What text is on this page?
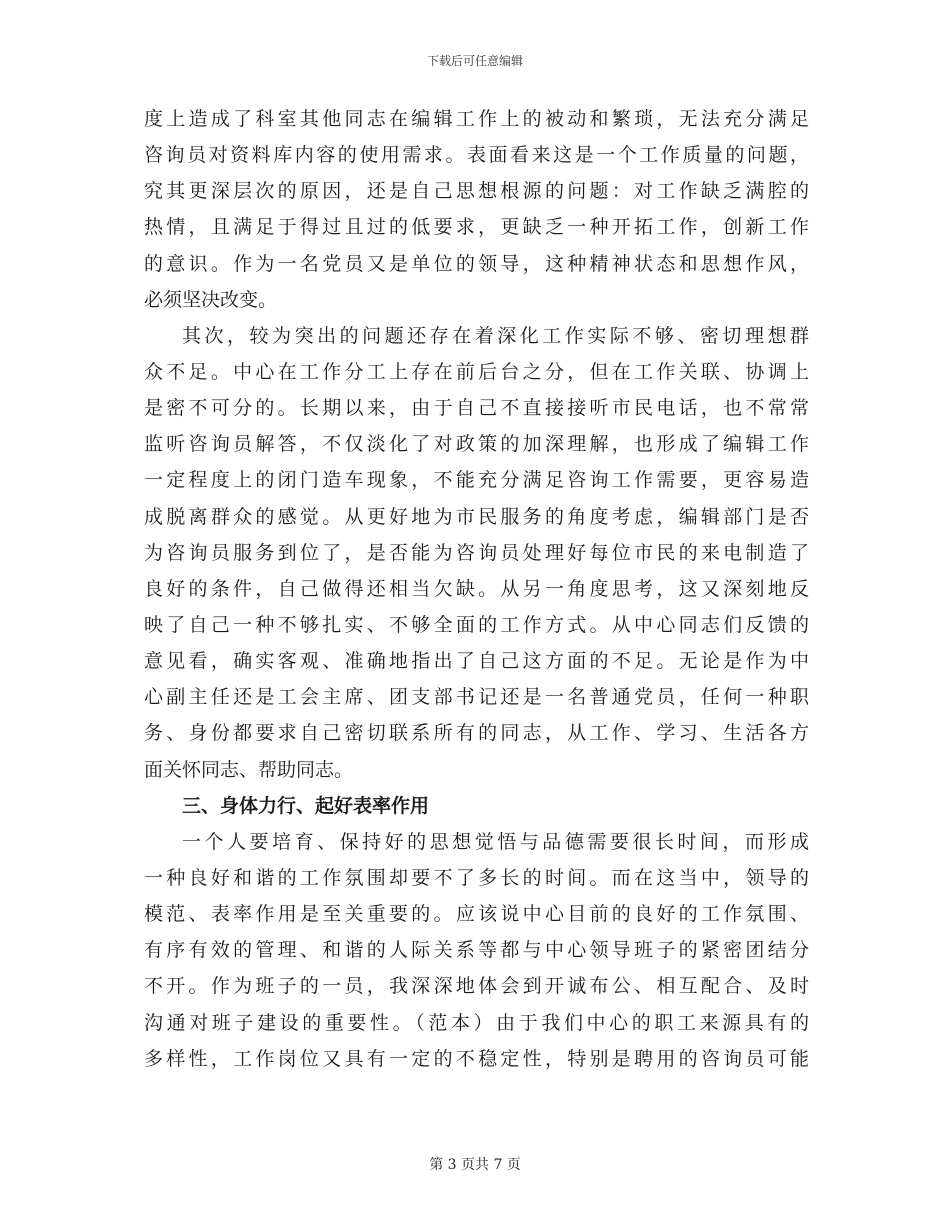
下载后可任意编辑
度上造成了科室其他同志在编辑工作上的被动和繁琐，无法充分满足
咨询员对资料库内容的使用需求。表面看来这是一个工作质量的问题，
究其更深层次的原因，还是自己思想根源的问题：对工作缺乏满腔的
热情，且满足于得过且过的低要求，更缺乏一种开拓工作，创新工作
的意识。作为一名党员又是单位的领导，这种精神状态和思想作风，
必须坚决改变。
其次，较为突出的问题还存在着深化工作实际不够、密切理想群
众不足。中心在工作分工上存在前后台之分，但在工作关联、协调上
是密不可分的。长期以来，由于自己不直接接听市民电话，也不常常
监听咨询员解答，不仅淡化了对政策的加深理解，也形成了编辑工作
一定程度上的闭门造车现象，不能充分满足咨询工作需要，更容易造
成脱离群众的感觉。从更好地为市民服务的角度考虑，编辑部门是否
为咨询员服务到位了，是否能为咨询员处理好每位市民的来电制造了
良好的条件，自己做得还相当欠缺。从另一角度思考，这又深刻地反
映了自己一种不够扎实、不够全面的工作方式。从中心同志们反馈的
意见看，确实客观、准确地指出了自己这方面的不足。无论是作为中
心副主任还是工会主席、团支部书记还是一名普通党员，任何一种职
务、身份都要求自己密切联系所有的同志，从工作、学习、生活各方
面关怀同志、帮助同志。
三、身体力行、起好表率作用
一个人要培育、保持好的思想觉悟与品德需要很长时间，而形成
一种良好和谐的工作氛围却要不了多长的时间。而在这当中，领导的
模范、表率作用是至关重要的。应该说中心目前的良好的工作氛围、
有序有效的管理、和谐的人际关系等都与中心领导班子的紧密团结分
不开。作为班子的一员，我深深地体会到开诚布公、相互配合、及时
沟通对班子建设的重要性。（范本）由于我们中心的职工来源具有的
多样性，工作岗位又具有一定的不稳定性，特别是聘用的咨询员可能
第 3 页共 7 页
